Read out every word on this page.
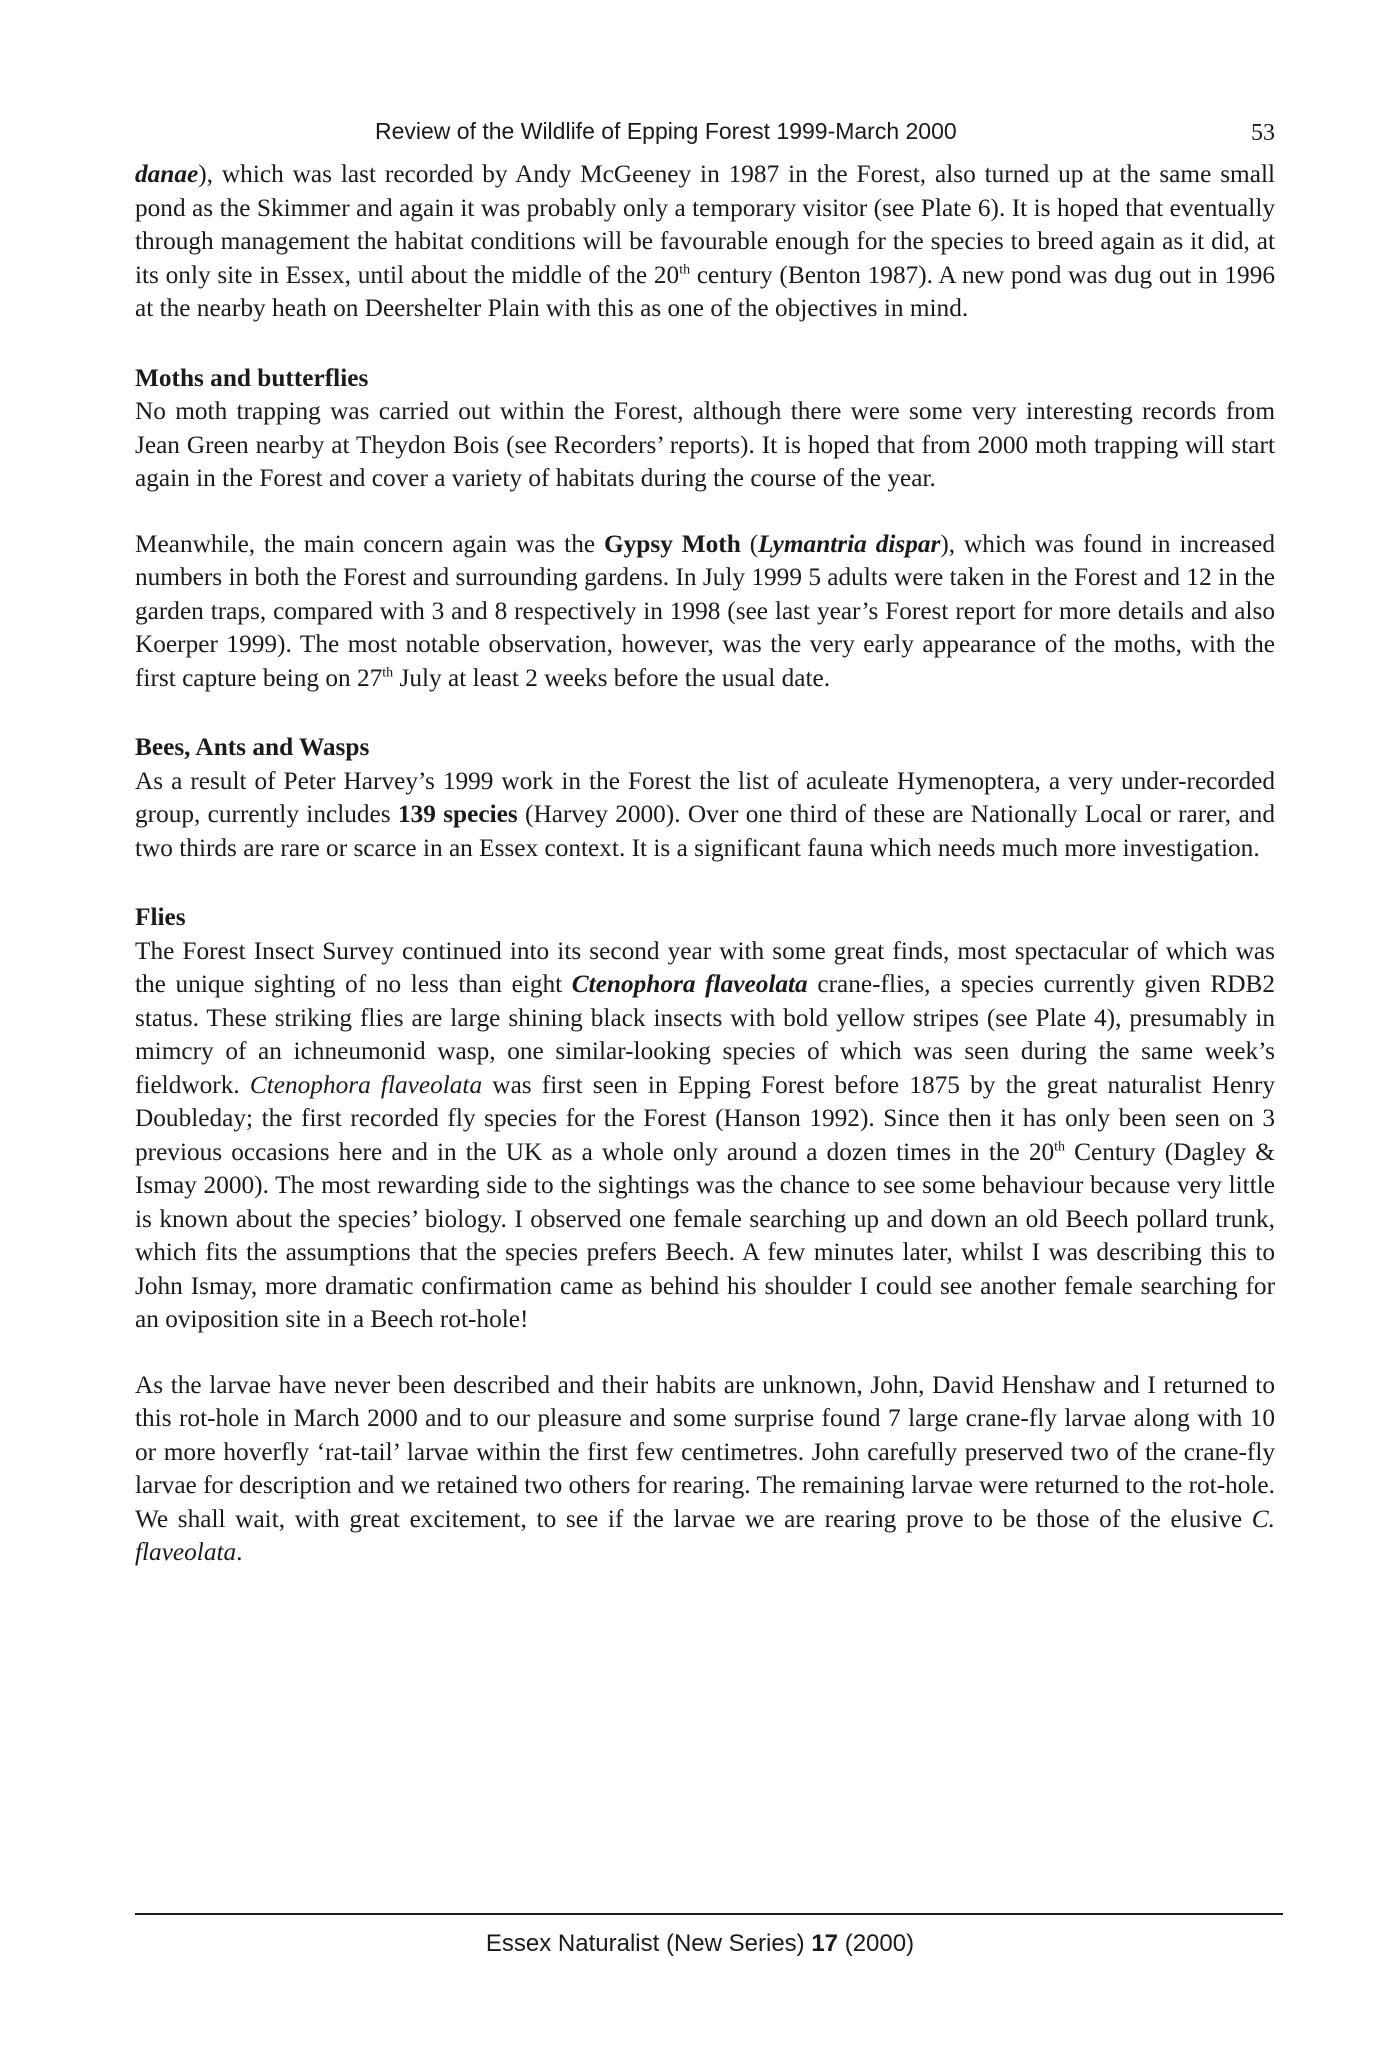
Review of the Wildlife of Epping Forest 1999-March 2000	53

danae), which was last recorded by Andy McGeeney in 1987 in the Forest, also turned up at the same small pond as the Skimmer and again it was probably only a temporary visitor (see Plate 6). It is hoped that eventually through management the habitat conditions will be favourable enough for the species to breed again as it did, at its only site in Essex, until about the middle of the 20th century (Benton 1987). A new pond was dug out in 1996 at the nearby heath on Deershelter Plain with this as one of the objectives in mind.

Moths and butterflies

No moth trapping was carried out within the Forest, although there were some very interesting records from Jean Green nearby at Theydon Bois (see Recorders’ reports). It is hoped that from 2000 moth trapping will start again in the Forest and cover a variety of habitats during the course of the year.

Meanwhile, the main concern again was the Gypsy Moth (Lymantria dispar), which was found in increased numbers in both the Forest and surrounding gardens. In July 1999 5 adults were taken in the Forest and 12 in the garden traps, compared with 3 and 8 respectively in 1998 (see last year’s Forest report for more details and also Koerper 1999). The most notable observation, however, was the very early appearance of the moths, with the first capture being on 27th July at least 2 weeks before the usual date.

Bees, Ants and Wasps

As a result of Peter Harvey’s 1999 work in the Forest the list of aculeate Hymenoptera, a very under-recorded group, currently includes 139 species (Harvey 2000). Over one third of these are Nationally Local or rarer, and two thirds are rare or scarce in an Essex context. It is a significant fauna which needs much more investigation.

Flies

The Forest Insect Survey continued into its second year with some great finds, most spectacular of which was the unique sighting of no less than eight Ctenophora flaveolata crane-flies, a species currently given RDB2 status. These striking flies are large shining black insects with bold yellow stripes (see Plate 4), presumably in mimcry of an ichneumonid wasp, one similar-looking species of which was seen during the same week’s fieldwork. Ctenophora flaveolata was first seen in Epping Forest before 1875 by the great naturalist Henry Doubleday; the first recorded fly species for the Forest (Hanson 1992). Since then it has only been seen on 3 previous occasions here and in the UK as a whole only around a dozen times in the 20th Century (Dagley & Ismay 2000). The most rewarding side to the sightings was the chance to see some behaviour because very little is known about the species’ biology. I observed one female searching up and down an old Beech pollard trunk, which fits the assumptions that the species prefers Beech. A few minutes later, whilst I was describing this to John Ismay, more dramatic confirmation came as behind his shoulder I could see another female searching for an oviposition site in a Beech rot-hole!

As the larvae have never been described and their habits are unknown, John, David Henshaw and I returned to this rot-hole in March 2000 and to our pleasure and some surprise found 7 large crane-fly larvae along with 10 or more hoverfly ‘rat-tail’ larvae within the first few centimetres. John carefully preserved two of the crane-fly larvae for description and we retained two others for rearing. The remaining larvae were returned to the rot-hole. We shall wait, with great excitement, to see if the larvae we are rearing prove to be those of the elusive C. flaveolata.

Essex Naturalist (New Series) 17 (2000)
